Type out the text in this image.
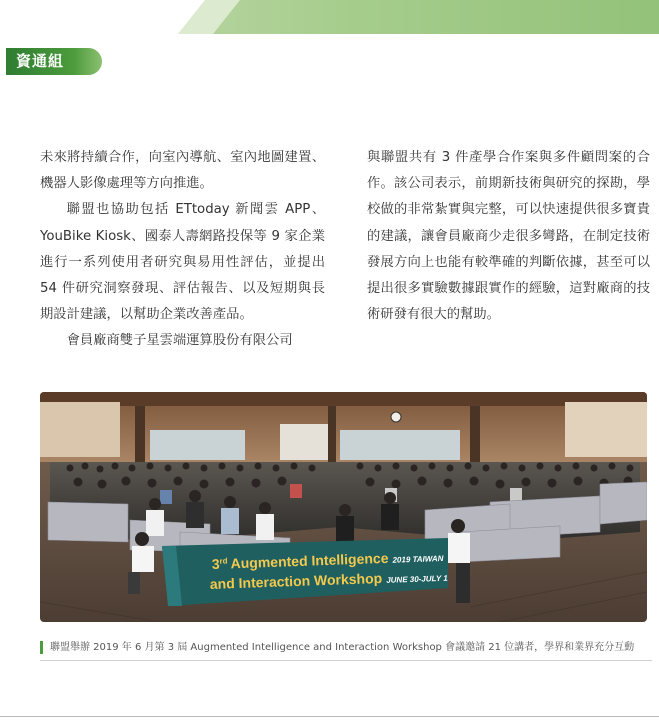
資通組

未來將持續合作，向室內導航、室內地圖建置、機器人影像處理等方向推進。

聯盟也協助包括 ETtoday 新聞雲 APP、YouBike Kiosk、國泰人壽網路投保等 9 家企業進行一系列使用者研究與易用性評估，並提出 54 件研究洞察發現、評估報告、以及短期與長期設計建議，以幫助企業改善產品。

會員廠商雙子星雲端運算股份有限公司

與聯盟共有 3 件產學合作案與多件顧問案的合作。該公司表示，前期新技術與研究的探勘，學校做的非常紮實與完整，可以快速提供很多寶貴的建議，讓會員廠商少走很多彎路，在制定技術發展方向上也能有較準確的判斷依據，甚至可以提出很多實驗數據跟實作的經驗，這對廠商的技術研發有很大的幫助。

3rd Augmented Intelligence 2019 TAIWAN
and Interaction Workshop JUNE 30-JULY 1
聯盟舉辦 2019 年 6 月第 3 屆 Augmented Intelligence and Interaction Workshop 會議邀請 21 位講者，學界和業界充分互動
